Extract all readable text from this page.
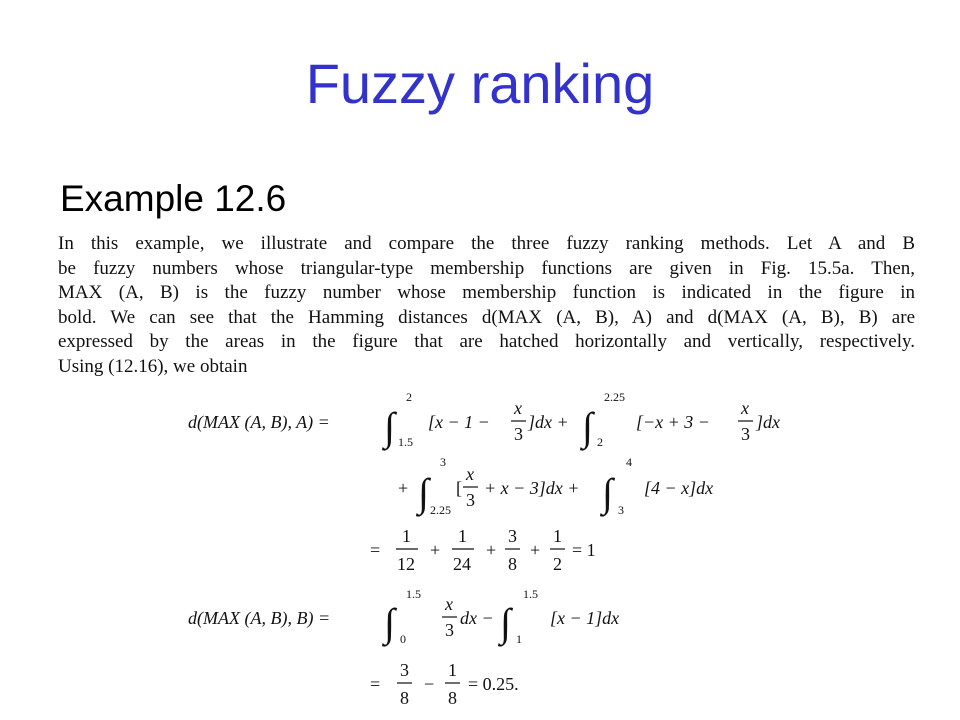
Fuzzy ranking
Example 12.6
In this example, we illustrate and compare the three fuzzy ranking methods. Let A and B
be fuzzy numbers whose triangular-type membership functions are given in Fig. 15.5a. Then,
MAX (A, B) is the fuzzy number whose membership function is indicated in the figure in
bold. We can see that the Hamming distances d(MAX (A, B), A) and d(MAX (A, B), B) are
expressed by the areas in the figure that are hatched horizontally and vertically, respectively.
Using (12.16), we obtain
d(MAX (A, B), A) = ∫
2
1.5
[x − 1 −
x
3
]dx + ∫
2.25
2
[−x + 3 −
x
3
]dx
+ ∫
3
2.25
[
x
3
+ x − 3]dx + ∫
4
3
[4 − x]dx
=
1
12
+
1
24
+
3
8
+
1
2
= 1
d(MAX (A, B), B) = ∫
1.5
0
x
3
dx − ∫
1.5
1
[x − 1]dx
=
3
8
−
1
8
= 0.25.
